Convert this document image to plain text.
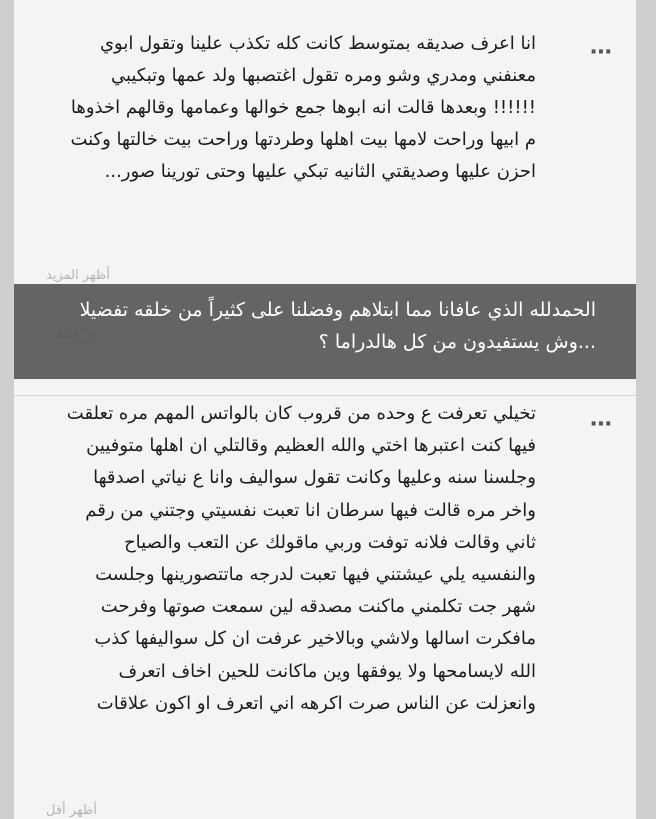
⋯

انا اعرف صديقه بمتوسط كانت كله تكذب علينا وتقول ابوي معنفني ومدري وشو ومره تقول اغتصبها ولد عمها وتبكيبي !!!!!! وبعدها قالت انه ابوها جمع خوالها وعمامها وقالهم اخذوها م ابيها وراحت لامها بيت اهلها وطردتها وراحت بيت خالتها وكنت احزن عليها وصديقتي الثانيه تبكي عليها وحتى تورينا صور...

أظهر المزيد
⋯

تخيلي تعرفت ع وحده من قروب كان بالواتس المهم مره تعلقت فيها كنت اعتبرها اختي والله العظيم وقالتلي ان اهلها متوفيين وجلسنا سنه وعليها وكانت تقول سواليف وانا ع نياتي اصدقها واخر مره قالت فيها سرطان انا تعبت نفسيتي وجتني من رقم ثاني وقالت فلانه توفت وربي ماقولك عن التعب والصياح والنفسيه يلي عيشتني فيها تعبت لدرجه ماتتصورينها وجلست شهر جت تكلمني ماكنت مصدقه لين سمعت صوتها وفرحت مافكرت اسالها ولاشي وبالاخير عرفت ان كل سواليفها كذب الله لايسامحها ولا يوفقها وين ماكانت للحين اخاف اتعرف وانعزلت عن الناس صرت اكرهه اني اتعرف او اكون علاقات

أظهر أقل

الحمدلله الذي عافانا مما ابتلاهم وفضلنا على كثيراً من خلقه تفضيلا ...وش يستفيدون من كل هالدراما ؟
